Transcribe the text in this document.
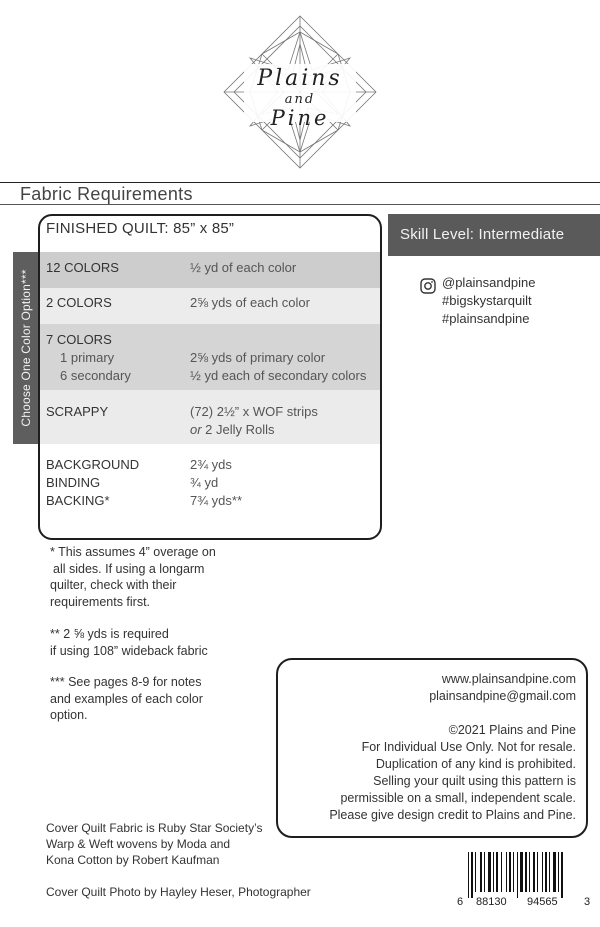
Plains
and
Pine
Fabric Requirements
Choose One Color Option***
FINISHED QUILT: 85” x 85”
12 COLORS	½ yd of each color
2 COLORS	2⅝ yds of each color
7 COLORS
1 primary	2⅝ yds of primary color
6 secondary	½ yd each of secondary colors
SCRAPPY	(72) 2½” x WOF strips
or 2 Jelly Rolls
BACKGROUND	2¾ yds
BINDING	¾ yd
BACKING*	7¾ yds**
Skill Level: Intermediate
@plainsandpine
#bigskystarquilt
#plainsandpine
* This assumes 4” overage on
all sides. If using a longarm
quilter, check with their
requirements first.
** 2 ⅝ yds is required
if using 108” wideback fabric
*** See pages 8-9 for notes
and examples of each color
option.
www.plainsandpine.com
plainsandpine@gmail.com
©2021 Plains and Pine
For Individual Use Only. Not for resale.
Duplication of any kind is prohibited.
Selling your quilt using this pattern is
permissible on a small, independent scale.
Please give design credit to Plains and Pine.
Cover Quilt Fabric is Ruby Star Society’s
Warp & Weft wovens by Moda and
Kona Cotton by Robert Kaufman
Cover Quilt Photo by Hayley Heser, Photographer
6 88130 94565 3
